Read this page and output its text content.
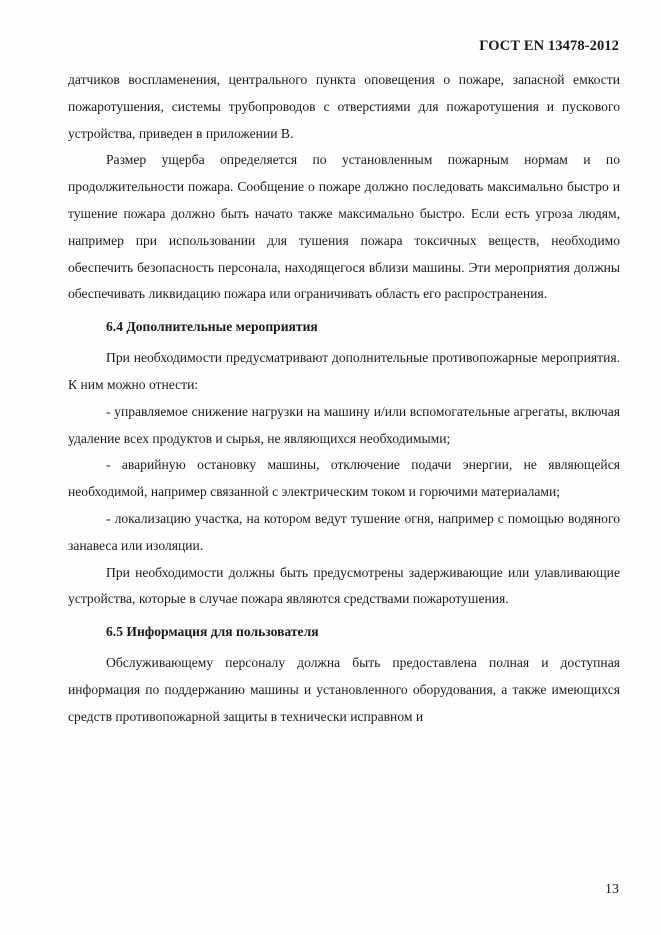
ГОСТ EN 13478-2012

датчиков воспламенения, центрального пункта оповещения о пожаре, запасной емкости пожаротушения, системы трубопроводов с отверстиями для пожаротушения и пускового устройства, приведен в приложении В.

Размер ущерба определяется по установленным пожарным нормам и по продолжительности пожара. Сообщение о пожаре должно последовать максимально быстро и тушение пожара должно быть начато также максимально быстро. Если есть угроза людям, например при использовании для тушения пожара токсичных веществ, необходимо обеспечить безопасность персонала, находящегося вблизи машины. Эти мероприятия должны обеспечивать ликвидацию пожара или ограничивать область его распространения.

6.4 Дополнительные мероприятия

При необходимости предусматривают дополнительные противопожарные мероприятия. К ним можно отнести:

- управляемое снижение нагрузки на машину и/или вспомогательные агрегаты, включая удаление всех продуктов и сырья, не являющихся необходимыми;

- аварийную остановку машины, отключение подачи энергии, не являющейся необходимой, например связанной с электрическим током и горючими материалами;

- локализацию участка, на котором ведут тушение огня, например с помощью водяного занавеса или изоляции.

При необходимости должны быть предусмотрены задерживающие или улавливающие устройства, которые в случае пожара являются средствами пожаротушения.

6.5 Информация для пользователя

Обслуживающему персоналу должна быть предоставлена полная и доступная информация по поддержанию машины и установленного оборудования, а также имеющихся средств противопожарной защиты в технически исправном и

13
